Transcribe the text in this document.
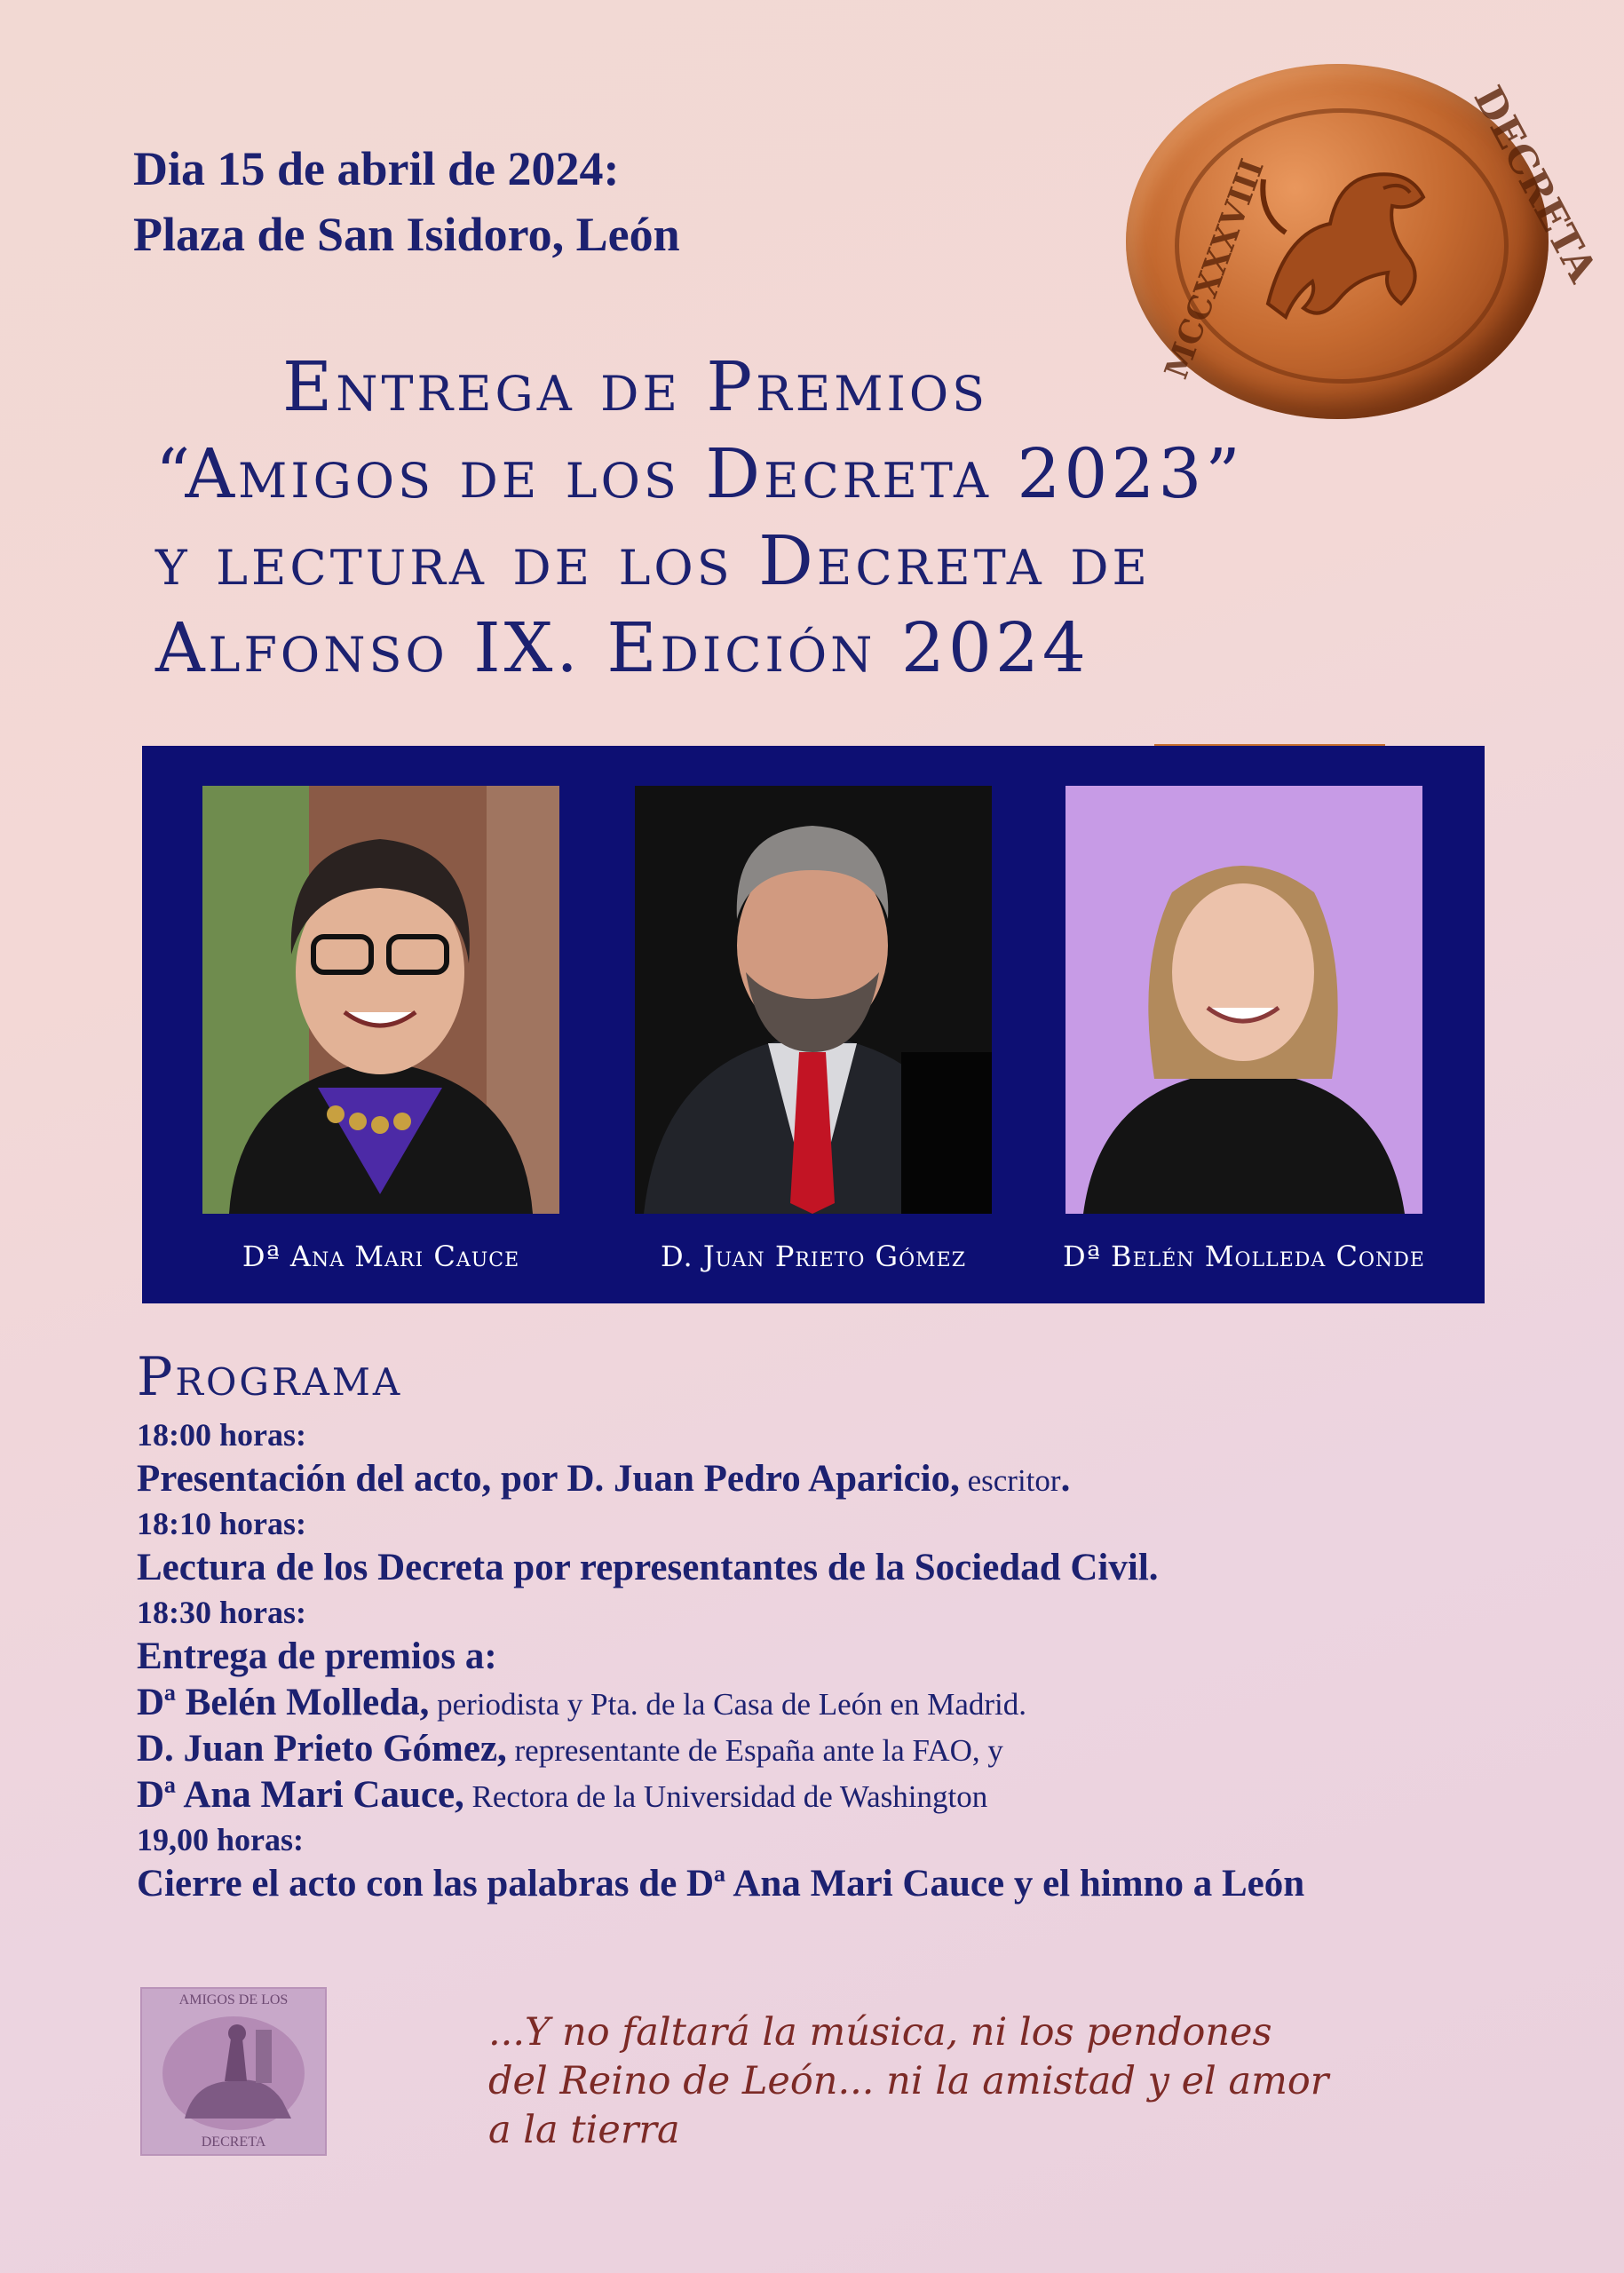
Dia 15 de abril de 2024:
Plaza de San Isidoro, León	DECRETA
MCCXXXVIII
Entrega de Premios
“Amigos de los Decreta 2023”
y lectura de los Decreta de
Alfonso IX. Edición 2024
Dª Ana Mari Cauce	D. Juan Prieto Gómez	Dª Belén Molleda Conde
Programa
18:00 horas:
Presentación del acto, por D. Juan Pedro Aparicio, escritor.
18:10 horas:
Lectura de los Decreta por representantes de la Sociedad Civil.
18:30 horas:
Entrega de premios a:
Dª Belén Molleda, periodista y Pta. de la Casa de León en Madrid.
D. Juan Prieto Gómez, representante de España ante la FAO, y
Dª Ana Mari Cauce, Rectora de la Universidad de Washington
19,00 horas:
Cierre el acto con las palabras de Dª Ana Mari Cauce y el himno a León
AMIGOS DE LOS
DECRETA
...Y no faltará la música, ni los pendones
del Reino de León... ni la amistad y el amor
a la tierra
